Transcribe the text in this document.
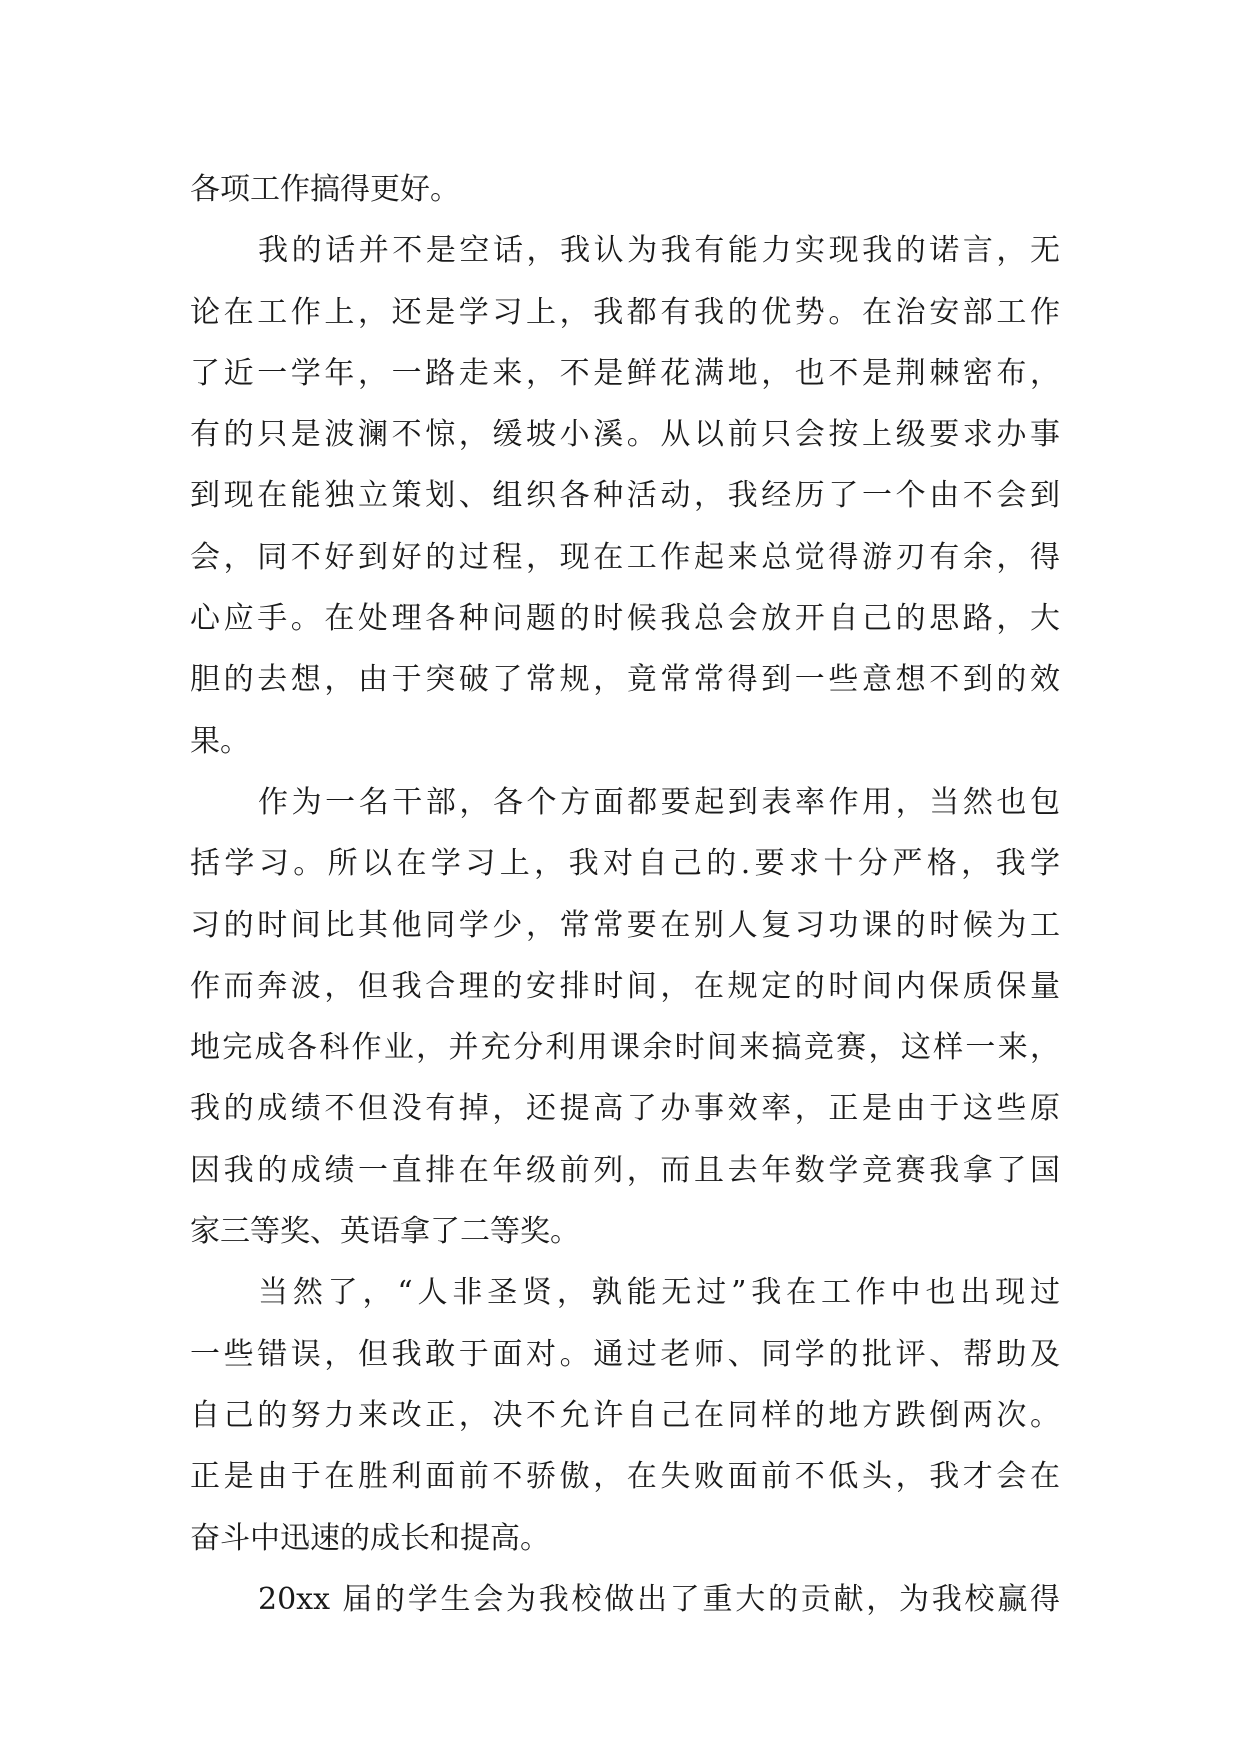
各项工作搞得更好。
我的话并不是空话，我认为我有能力实现我的诺言，无
论在工作上，还是学习上，我都有我的优势。在治安部工作
了近一学年，一路走来，不是鲜花满地，也不是荆棘密布，
有的只是波澜不惊，缓坡小溪。从以前只会按上级要求办事
到现在能独立策划、组织各种活动，我经历了一个由不会到
会，同不好到好的过程，现在工作起来总觉得游刃有余，得
心应手。在处理各种问题的时候我总会放开自己的思路，大
胆的去想，由于突破了常规，竟常常得到一些意想不到的效
果。
作为一名干部，各个方面都要起到表率作用，当然也包
括学习。所以在学习上，我对自己的.要求十分严格，我学
习的时间比其他同学少，常常要在别人复习功课的时候为工
作而奔波，但我合理的安排时间，在规定的时间内保质保量
地完成各科作业，并充分利用课余时间来搞竞赛，这样一来，
我的成绩不但没有掉，还提高了办事效率，正是由于这些原
因我的成绩一直排在年级前列，而且去年数学竞赛我拿了国
家三等奖、英语拿了二等奖。
当然了，“人非圣贤，孰能无过”我在工作中也出现过
一些错误，但我敢于面对。通过老师、同学的批评、帮助及
自己的努力来改正，决不允许自己在同样的地方跌倒两次。
正是由于在胜利面前不骄傲，在失败面前不低头，我才会在
奋斗中迅速的成长和提高。
20xx 届的学生会为我校做出了重大的贡献，为我校赢得
